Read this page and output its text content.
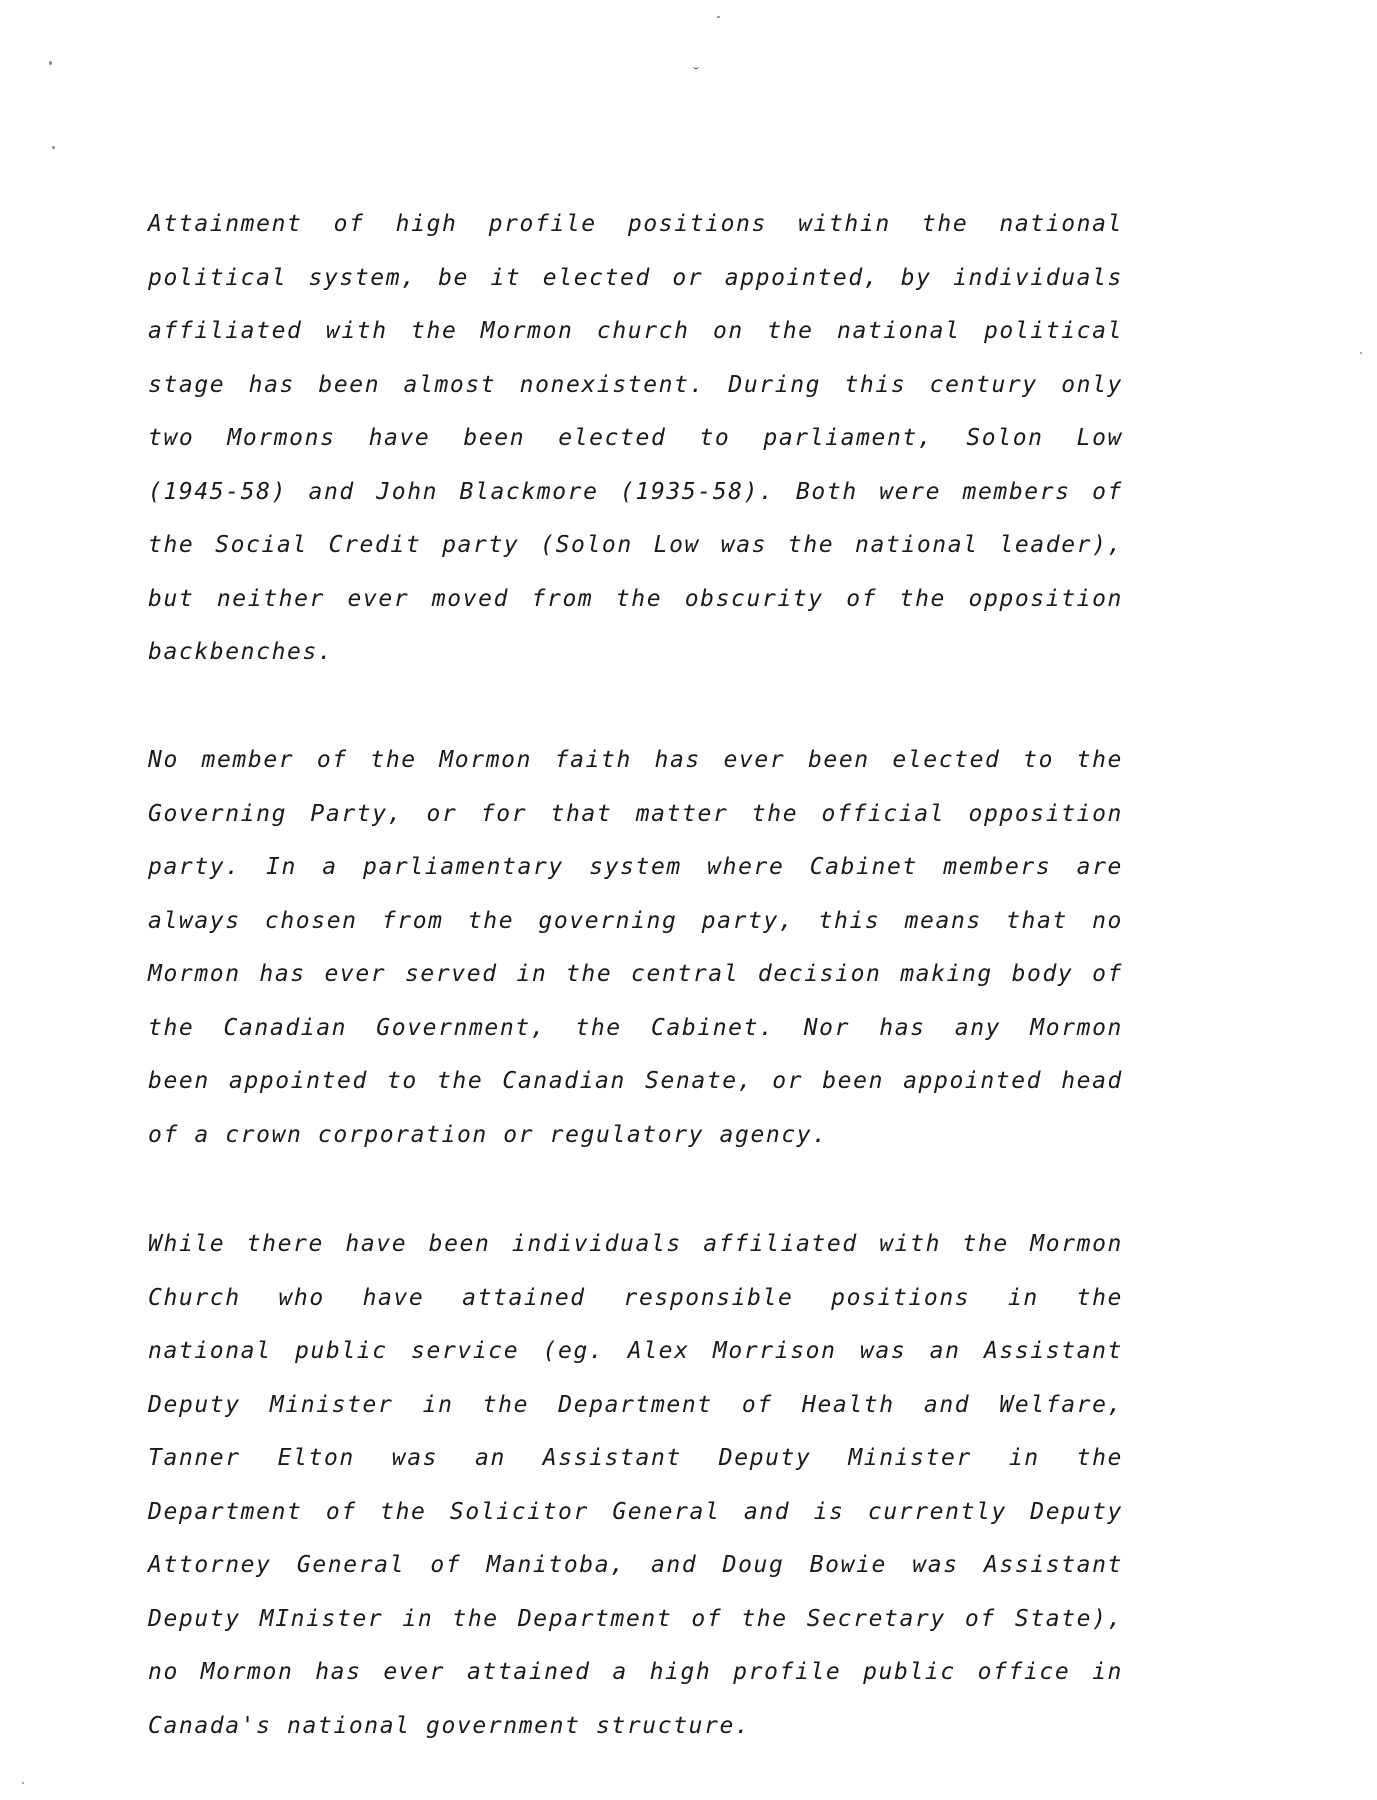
Attainment of high profile positions within the national
political system, be it elected or appointed, by individuals
affiliated with the Mormon church on the national political
stage has been almost nonexistent. During this century only
two Mormons have been elected to parliament, Solon Low
(1945-58) and John Blackmore (1935-58). Both were members of
the Social Credit party (Solon Low was the national leader),
but neither ever moved from the obscurity of the opposition
backbenches.
No member of the Mormon faith has ever been elected to the
Governing Party, or for that matter the official opposition
party. In a parliamentary system where Cabinet members are
always chosen from the governing party, this means that no
Mormon has ever served in the central decision making body of
the Canadian Government, the Cabinet. Nor has any Mormon
been appointed to the Canadian Senate, or been appointed head
of a crown corporation or regulatory agency.
While there have been individuals affiliated with the Mormon
Church who have attained responsible positions in the
national public service (eg. Alex Morrison was an Assistant
Deputy Minister in the Department of Health and Welfare,
Tanner Elton was an Assistant Deputy Minister in the
Department of the Solicitor General and is currently Deputy
Attorney General of Manitoba, and Doug Bowie was Assistant
Deputy MInister in the Department of the Secretary of State),
no Mormon has ever attained a high profile public office in
Canada's national government structure.
